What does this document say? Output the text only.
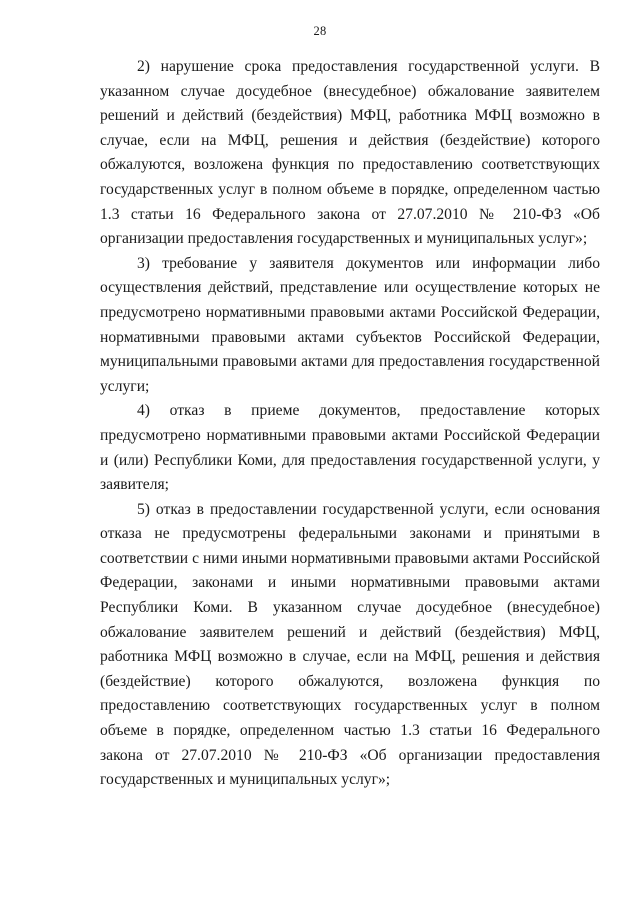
28

2) нарушение срока предоставления государственной услуги. В указанном случае досудебное (внесудебное) обжалование заявителем решений и действий (бездействия) МФЦ, работника МФЦ возможно в случае, если на МФЦ, решения и действия (бездействие) которого обжалуются, возложена функция по предоставлению соответствующих государственных услуг в полном объеме в порядке, определенном частью 1.3 статьи 16 Федерального закона от 27.07.2010 № 210-ФЗ «Об организации предоставления государственных и муниципальных услуг»;

3) требование у заявителя документов или информации либо осуществления действий, представление или осуществление которых не предусмотрено нормативными правовыми актами Российской Федерации, нормативными правовыми актами субъектов Российской Федерации, муниципальными правовыми актами для предоставления государственной услуги;

4) отказ в приеме документов, предоставление которых предусмотрено нормативными правовыми актами Российской Федерации и (или) Республики Коми, для предоставления государственной услуги, у заявителя;

5) отказ в предоставлении государственной услуги, если основания отказа не предусмотрены федеральными законами и принятыми в соответствии с ними иными нормативными правовыми актами Российской Федерации, законами и иными нормативными правовыми актами Республики Коми. В указанном случае досудебное (внесудебное) обжалование заявителем решений и действий (бездействия) МФЦ, работника МФЦ возможно в случае, если на МФЦ, решения и действия (бездействие) которого обжалуются, возложена функция по предоставлению соответствующих государственных услуг в полном объеме в порядке, определенном частью 1.3 статьи 16 Федерального закона от 27.07.2010 № 210-ФЗ «Об организации предоставления государственных и муниципальных услуг»;
